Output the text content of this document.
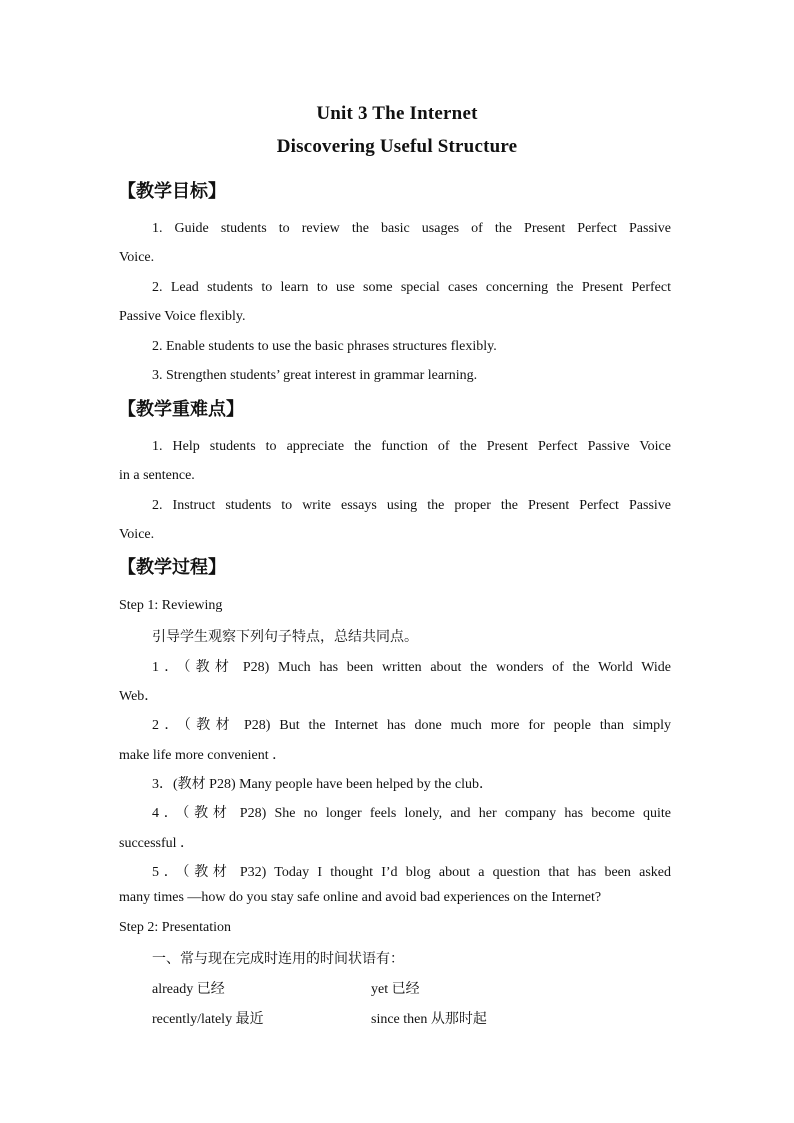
Unit 3 The Internet
Discovering Useful Structure
【教学目标】
1. Guide students to review the basic usages of the Present Perfect Passive
Voice.
2. Lead students to learn to use some special cases concerning the Present Perfect
Passive Voice flexibly.
2. Enable students to use the basic phrases structures flexibly.
3. Strengthen students’ great interest in grammar learning.
【教学重难点】
1. Help students to appreciate the function of the Present Perfect Passive Voice
in a sentence.
2. Instruct students to write essays using the proper the Present Perfect Passive
Voice.
【教学过程】
Step 1: Reviewing
引导学生观察下列句子特点，总结共同点。
1．（教材 P28) Much has been written about the wonders of the World Wide
Web．
2．（教材 P28) But the Internet has done much more for people than simply
make life more convenient ．
3．(教材 P28) Many people have been helped by the club．
4．（教材 P28) She no longer feels lonely, and her company has become quite
successful ．
5．（教材 P32) Today I thought I’d blog about a question that has been asked
many times —how do you stay safe online and avoid bad experiences on the Internet?
Step 2: Presentation
一、常与现在完成时连用的时间状语有：
already 已经	yet 已经
recently/lately 最近	since then 从那时起
